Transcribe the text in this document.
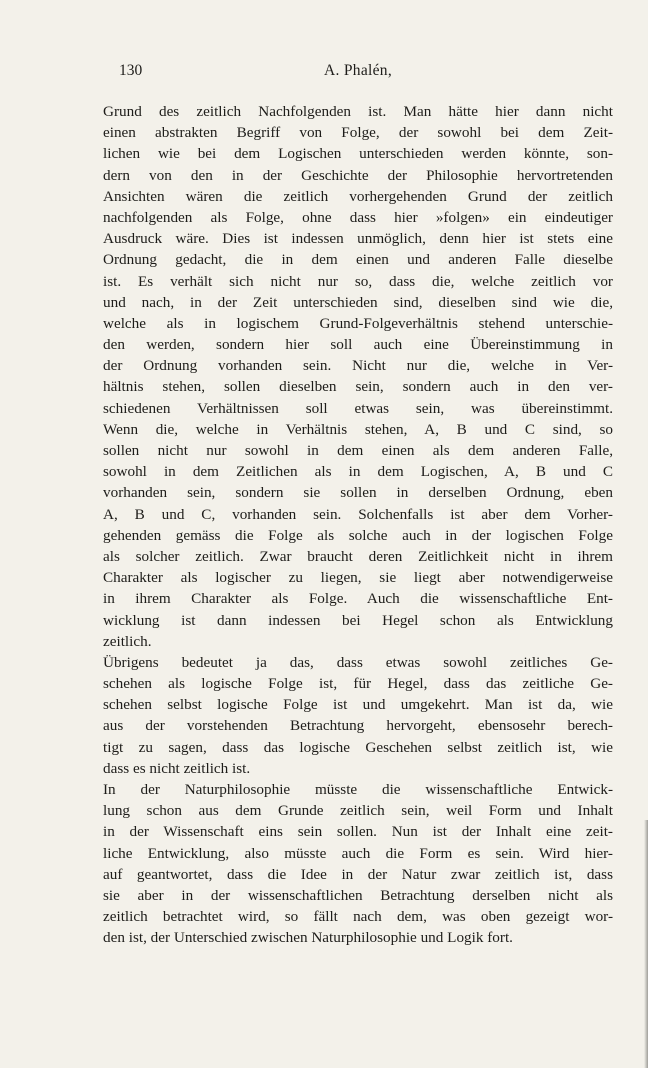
130	A. Phalén,
Grund des zeitlich Nachfolgenden ist. Man hätte hier dann nicht
einen abstrakten Begriff von Folge, der sowohl bei dem Zeit-
lichen wie bei dem Logischen unterschieden werden könnte, son-
dern von den in der Geschichte der Philosophie hervortretenden
Ansichten wären die zeitlich vorhergehenden Grund der zeitlich
nachfolgenden als Folge, ohne dass hier »folgen» ein eindeutiger
Ausdruck wäre. Dies ist indessen unmöglich, denn hier ist stets eine
Ordnung gedacht, die in dem einen und anderen Falle dieselbe
ist. Es verhält sich nicht nur so, dass die, welche zeitlich vor
und nach, in der Zeit unterschieden sind, dieselben sind wie die,
welche als in logischem Grund-Folgeverhältnis stehend unterschie-
den werden, sondern hier soll auch eine Übereinstimmung in
der Ordnung vorhanden sein. Nicht nur die, welche in Ver-
hältnis stehen, sollen dieselben sein, sondern auch in den ver-
schiedenen Verhältnissen soll etwas sein, was übereinstimmt.
Wenn die, welche in Verhältnis stehen, A, B und C sind, so
sollen nicht nur sowohl in dem einen als dem anderen Falle,
sowohl in dem Zeitlichen als in dem Logischen, A, B und C
vorhanden sein, sondern sie sollen in derselben Ordnung, eben
A, B und C, vorhanden sein. Solchenfalls ist aber dem Vorher-
gehenden gemäss die Folge als solche auch in der logischen Folge
als solcher zeitlich. Zwar braucht deren Zeitlichkeit nicht in ihrem
Charakter als logischer zu liegen, sie liegt aber notwendigerweise
in ihrem Charakter als Folge. Auch die wissenschaftliche Ent-
wicklung ist dann indessen bei Hegel schon als Entwicklung
zeitlich.
Übrigens bedeutet ja das, dass etwas sowohl zeitliches Ge-
schehen als logische Folge ist, für Hegel, dass das zeitliche Ge-
schehen selbst logische Folge ist und umgekehrt. Man ist da, wie
aus der vorstehenden Betrachtung hervorgeht, ebensosehr berech-
tigt zu sagen, dass das logische Geschehen selbst zeitlich ist, wie
dass es nicht zeitlich ist.
In der Naturphilosophie müsste die wissenschaftliche Entwick-
lung schon aus dem Grunde zeitlich sein, weil Form und Inhalt
in der Wissenschaft eins sein sollen. Nun ist der Inhalt eine zeit-
liche Entwicklung, also müsste auch die Form es sein. Wird hier-
auf geantwortet, dass die Idee in der Natur zwar zeitlich ist, dass
sie aber in der wissenschaftlichen Betrachtung derselben nicht als
zeitlich betrachtet wird, so fällt nach dem, was oben gezeigt wor-
den ist, der Unterschied zwischen Naturphilosophie und Logik fort.
